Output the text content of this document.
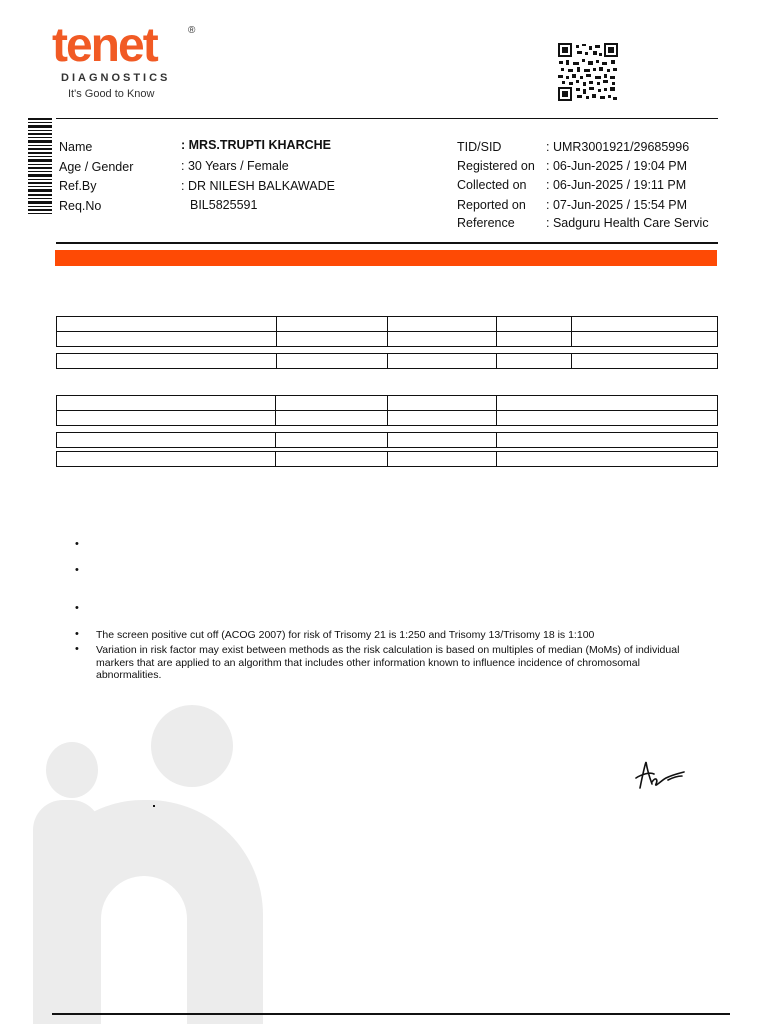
tenet	®
DIAGNOSTICS
It's Good to Know
Name	: MRS.TRUPTI KHARCHE
Age / Gender	: 30 Years / Female
Ref.By	: DR NILESH BALKAWADE
Req.No	BIL5825591
TID/SID	: UMR3001921/29685996
Registered on : 06-Jun-2025 / 19:04 PM
Collected on : 06-Jun-2025 / 19:11 PM
Reported on : 07-Jun-2025 / 15:54 PM
Reference	: Sadguru Health Care Servic

•
•
•
• The screen positive cut off (ACOG 2007) for risk of Trisomy 21 is 1:250 and Trisomy 13/Trisomy 18 is 1:100
• Variation in risk factor may exist between methods as the risk calculation is based on multiples of median (MoMs) of individual markers that are applied to an algorithm that includes other information known to influence incidence of chromosomal abnormalities.
